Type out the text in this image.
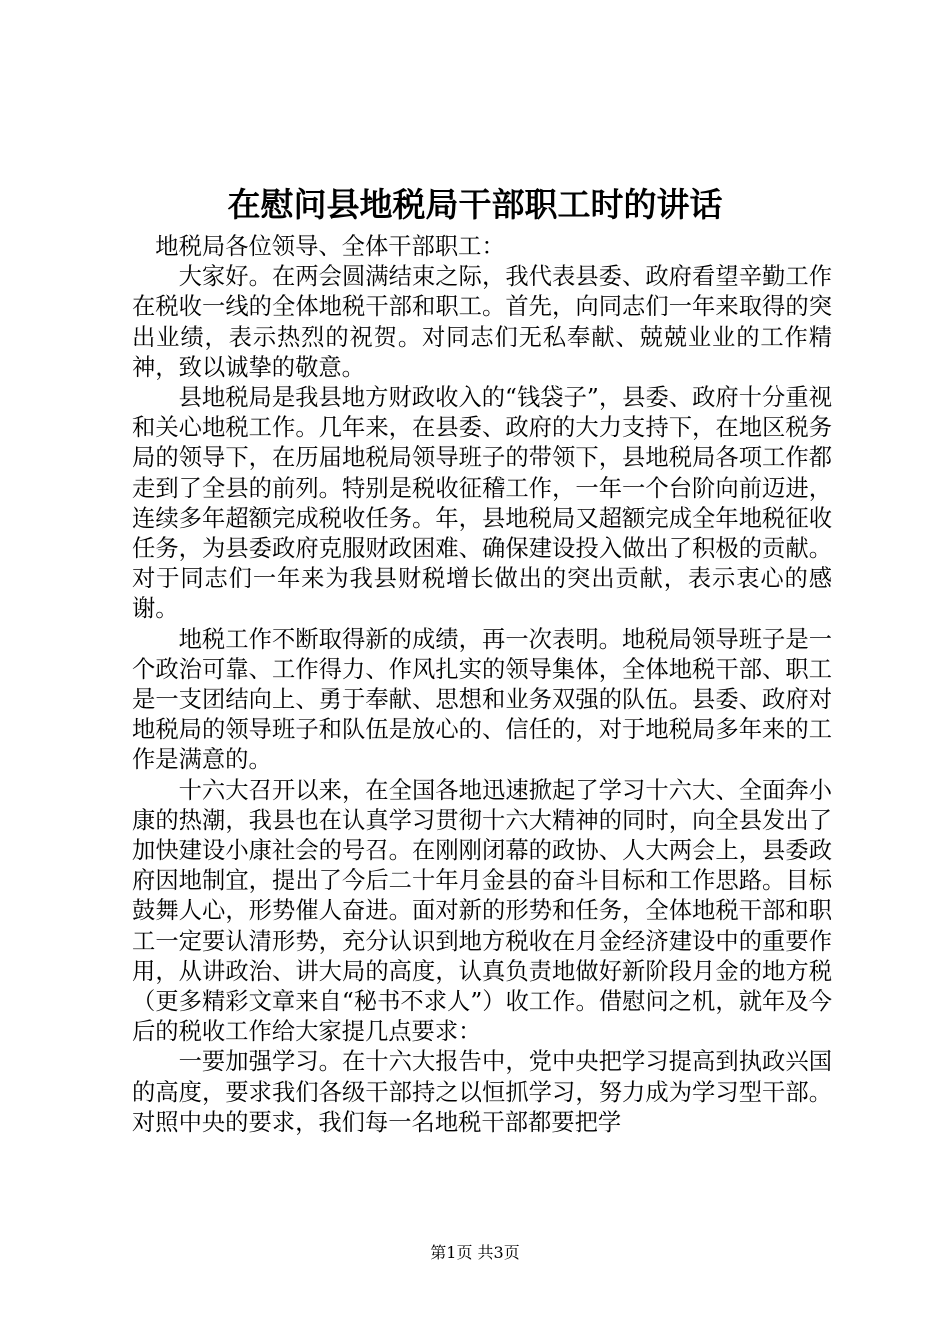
在慰问县地税局干部职工时的讲话

地税局各位领导、全体干部职工：

大家好。在两会圆满结束之际，我代表县委、政府看望辛勤工作在税收一线的全体地税干部和职工。首先，向同志们一年来取得的突出业绩，表示热烈的祝贺。对同志们无私奉献、兢兢业业的工作精神，致以诚挚的敬意。

县地税局是我县地方财政收入的“钱袋子”，县委、政府十分重视和关心地税工作。几年来，在县委、政府的大力支持下，在地区税务局的领导下，在历届地税局领导班子的带领下，县地税局各项工作都走到了全县的前列。特别是税收征稽工作，一年一个台阶向前迈进，连续多年超额完成税收任务。年，县地税局又超额完成全年地税征收任务，为县委政府克服财政困难、确保建设投入做出了积极的贡献。对于同志们一年来为我县财税增长做出的突出贡献，表示衷心的感谢。

地税工作不断取得新的成绩，再一次表明。地税局领导班子是一个政治可靠、工作得力、作风扎实的领导集体，全体地税干部、职工是一支团结向上、勇于奉献、思想和业务双强的队伍。县委、政府对地税局的领导班子和队伍是放心的、信任的，对于地税局多年来的工作是满意的。

十六大召开以来，在全国各地迅速掀起了学习十六大、全面奔小康的热潮，我县也在认真学习贯彻十六大精神的同时，向全县发出了加快建设小康社会的号召。在刚刚闭幕的政协、人大两会上，县委政府因地制宜，提出了今后二十年月金县的奋斗目标和工作思路。目标鼓舞人心，形势催人奋进。面对新的形势和任务，全体地税干部和职工一定要认清形势，充分认识到地方税收在月金经济建设中的重要作用，从讲政治、讲大局的高度，认真负责地做好新阶段月金的地方税（更多精彩文章来自“秘书不求人”）收工作。借慰问之机，就年及今后的税收工作给大家提几点要求：

一要加强学习。在十六大报告中，党中央把学习提高到执政兴国的高度，要求我们各级干部持之以恒抓学习，努力成为学习型干部。对照中央的要求，我们每一名地税干部都要把学

第1页 共3页
